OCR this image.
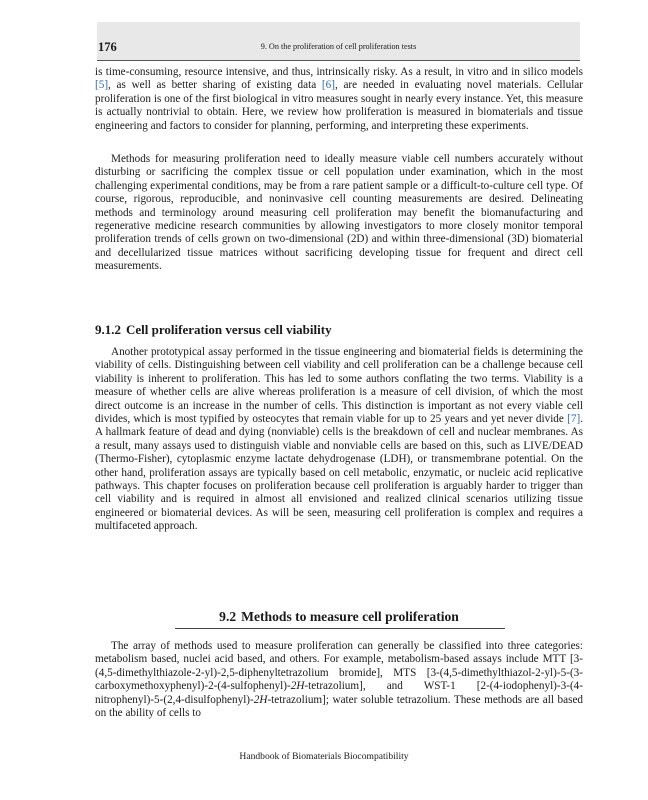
176	9. On the proliferation of cell proliferation tests

is time-consuming, resource intensive, and thus, intrinsically risky. As a result, in vitro and in silico models [5], as well as better sharing of existing data [6], are needed in evaluating novel materials. Cellular proliferation is one of the first biological in vitro measures sought in nearly every instance. Yet, this measure is actually nontrivial to obtain. Here, we review how proliferation is measured in biomaterials and tissue engineering and factors to consider for planning, performing, and interpreting these experiments.

Methods for measuring proliferation need to ideally measure viable cell numbers accurately without disturbing or sacrificing the complex tissue or cell population under examination, which in the most challenging experimental conditions, may be from a rare patient sample or a difficult-to-culture cell type. Of course, rigorous, reproducible, and noninvasive cell counting measurements are desired. Delineating methods and terminology around measuring cell proliferation may benefit the biomanufacturing and regenerative medicine research communities by allowing investigators to more closely monitor temporal proliferation trends of cells grown on two-dimensional (2D) and within three-dimensional (3D) biomaterial and decellularized tissue matrices without sacrificing developing tissue for frequent and direct cell measurements.

9.1.2 Cell proliferation versus cell viability

Another prototypical assay performed in the tissue engineering and biomaterial fields is determining the viability of cells. Distinguishing between cell viability and cell proliferation can be a challenge because cell viability is inherent to proliferation. This has led to some authors conflating the two terms. Viability is a measure of whether cells are alive whereas proliferation is a measure of cell division, of which the most direct outcome is an increase in the number of cells. This distinction is important as not every viable cell divides, which is most typified by osteocytes that remain viable for up to 25 years and yet never divide [7]. A hallmark feature of dead and dying (nonviable) cells is the breakdown of cell and nuclear membranes. As a result, many assays used to distinguish viable and nonviable cells are based on this, such as LIVE/DEAD (Thermo-Fisher), cytoplasmic enzyme lactate dehydrogenase (LDH), or transmembrane potential. On the other hand, proliferation assays are typically based on cell metabolic, enzymatic, or nucleic acid replicative pathways. This chapter focuses on proliferation because cell proliferation is arguably harder to trigger than cell viability and is required in almost all envisioned and realized clinical scenarios utilizing tissue engineered or biomaterial devices. As will be seen, measuring cell proliferation is complex and requires a multifaceted approach.

9.2 Methods to measure cell proliferation

The array of methods used to measure proliferation can generally be classified into three categories: metabolism based, nuclei acid based, and others. For example, metabolism-based assays include MTT [3-(4,5-dimethylthiazole-2-yl)-2,5-diphenyltetrazolium bromide], MTS [3-(4,5-dimethylthiazol-2-yl)-5-(3-carboxymethoxyphenyl)-2-(4-sulfophenyl)-2H-tetrazolium], and WST-1 [2-(4-iodophenyl)-3-(4-nitrophenyl)-5-(2,4-disulfophenyl)-2H-tetrazolium]; water soluble tetrazolium. These methods are all based on the ability of cells to

Handbook of Biomaterials Biocompatibility
